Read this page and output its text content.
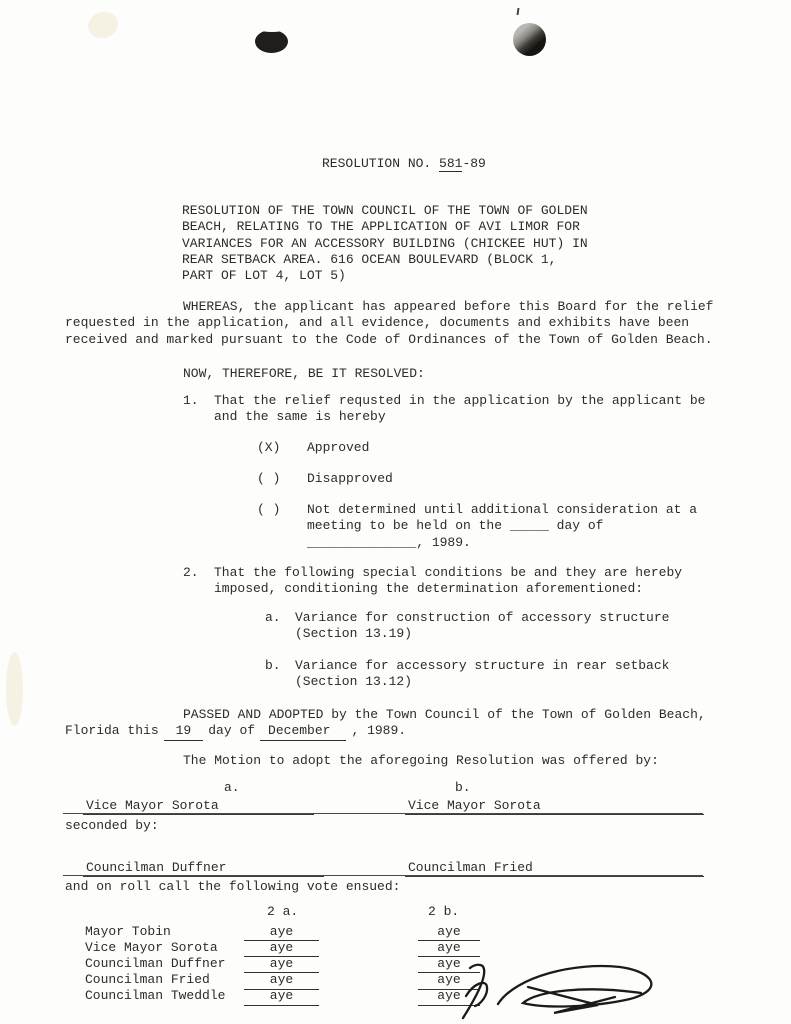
RESOLUTION NO. 581-89
RESOLUTION OF THE TOWN COUNCIL OF THE TOWN OF GOLDEN
BEACH, RELATING TO THE APPLICATION OF AVI LIMOR FOR
VARIANCES FOR AN ACCESSORY BUILDING (CHICKEE HUT) IN
REAR SETBACK AREA. 616 OCEAN BOULEVARD (BLOCK 1,
PART OF LOT 4, LOT 5)
WHEREAS, the applicant has appeared before this Board for the relief
requested in the application, and all evidence, documents and exhibits have been
received and marked pursuant to the Code of Ordinances of the Town of Golden Beach.
NOW, THEREFORE, BE IT RESOLVED:
1.	That the relief requsted in the application by the applicant be
and the same is hereby
(X)	Approved
( )	Disapproved
( )	Not determined until additional consideration at a
meeting to be held on the _____ day of
______________, 1989.
2.	That the following special conditions be and they are hereby
imposed, conditioning the determination aforementioned:
a.	Variance for construction of accessory structure
(Section 13.19)
b.	Variance for accessory structure in rear setback
(Section 13.12)
PASSED AND ADOPTED by the Town Council of the Town of Golden Beach,
Florida this 19 day of December , 1989.
The Motion to adopt the aforegoing Resolution was offered by:
a.	b.
Vice Mayor Sorota	Vice Mayor Sorota
seconded by:
Councilman Duffner	Councilman Fried
and on roll call the following vote ensued:
2 a.	2 b.
Mayor Tobin	aye	aye
Vice Mayor Sorota	aye	aye
Councilman Duffner	aye	aye
Councilman Fried	aye	aye
Councilman Tweddle	aye	aye
